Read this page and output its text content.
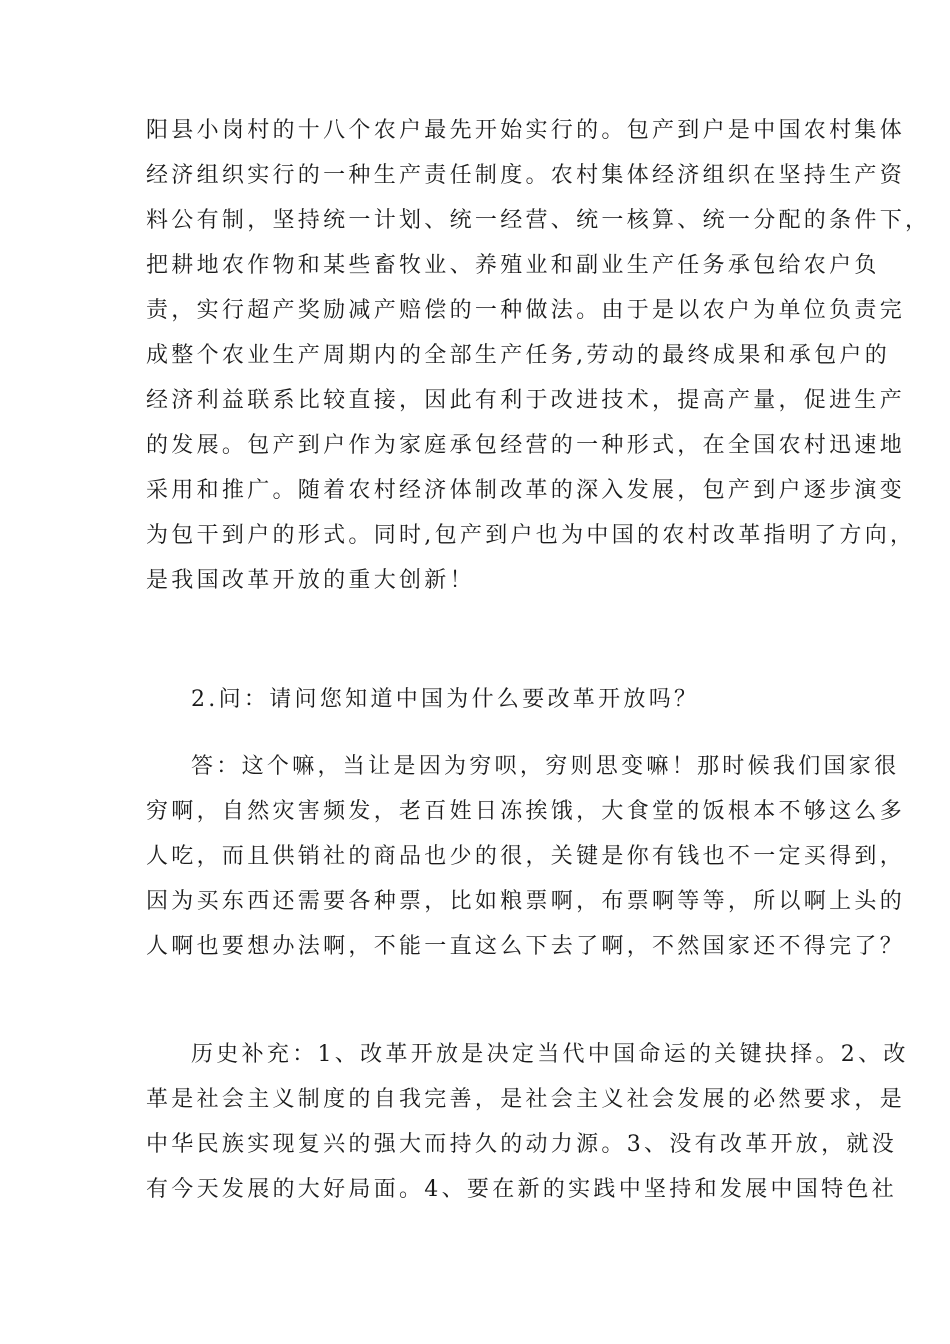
阳县小岗村的十八个农户最先开始实行的。包产到户是中国农村集体
经济组织实行的一种生产责任制度。农村集体经济组织在坚持生产资
料公有制，坚持统一计划、统一经营、统一核算、统一分配的条件下，
把耕地农作物和某些畜牧业、养殖业和副业生产任务承包给农户负
责，实行超产奖励减产赔偿的一种做法。由于是以农户为单位负责完
成整个农业生产周期内的全部生产任务,劳动的最终成果和承包户的
经济利益联系比较直接，因此有利于改进技术，提高产量，促进生产
的发展。包产到户作为家庭承包经营的一种形式，在全国农村迅速地
采用和推广。随着农村经济体制改革的深入发展，包产到户逐步演变
为包干到户的形式。同时,包产到户也为中国的农村改革指明了方向，
是我国改革开放的重大创新！

2.问：请问您知道中国为什么要改革开放吗？

答：这个嘛，当让是因为穷呗，穷则思变嘛！那时候我们国家很
穷啊，自然灾害频发，老百姓日冻挨饿，大食堂的饭根本不够这么多
人吃，而且供销社的商品也少的很，关键是你有钱也不一定买得到，
因为买东西还需要各种票，比如粮票啊，布票啊等等，所以啊上头的
人啊也要想办法啊，不能一直这么下去了啊，不然国家还不得完了？

历史补充：1、改革开放是决定当代中国命运的关键抉择。2、改
革是社会主义制度的自我完善，是社会主义社会发展的必然要求，是
中华民族实现复兴的强大而持久的动力源。3、没有改革开放，就没
有今天发展的大好局面。4、要在新的实践中坚持和发展中国特色社
